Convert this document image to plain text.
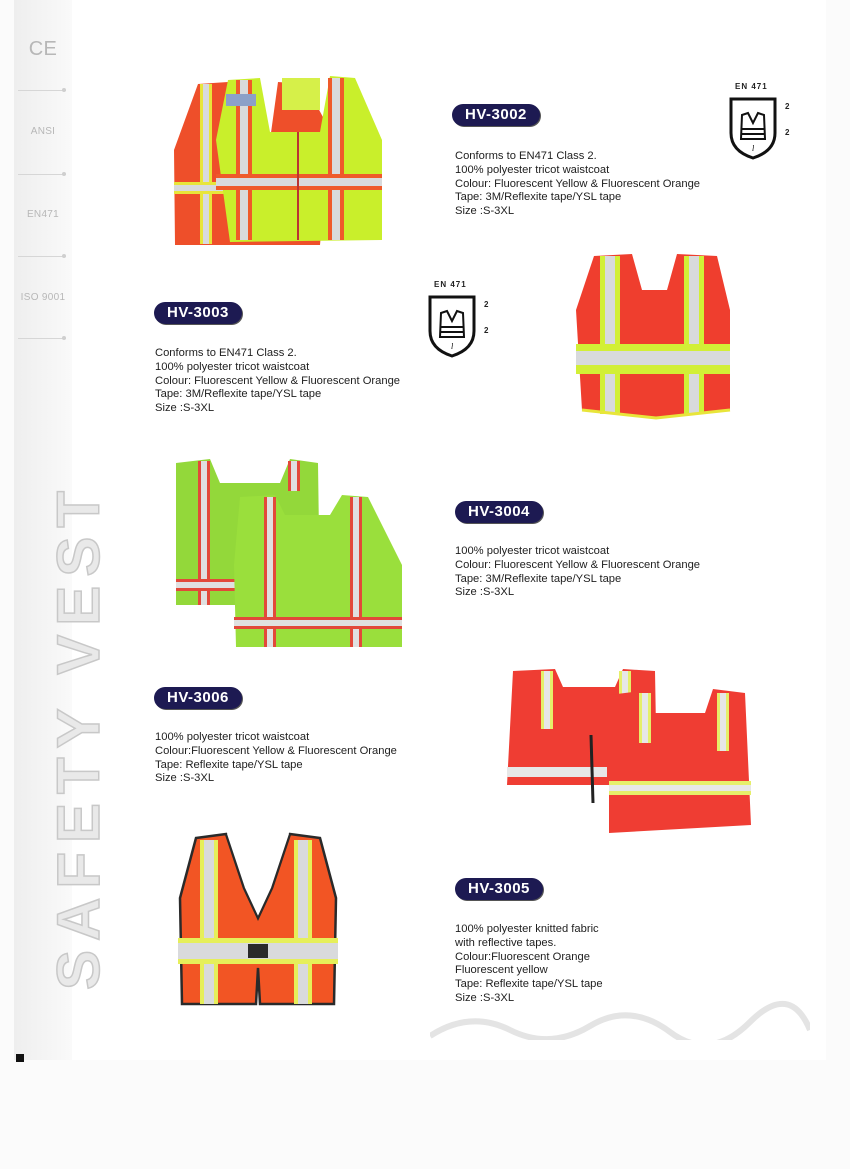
CE
ANSI
EN471
ISO 9001
SAFETY VEST
HV-3002
Conforms to EN471 Class 2.
100% polyester tricot waistcoat
Colour: Fluorescent Yellow & Fluorescent Orange
Tape: 3M/Reflexite tape/YSL tape
Size :S-3XL
EN 471
l
2
2
HV-3003
Conforms to EN471 Class 2.
100% polyester tricot waistcoat
Colour: Fluorescent Yellow & Fluorescent Orange
Tape: 3M/Reflexite tape/YSL tape
Size :S-3XL
EN 471
l
2
2
HV-3004
100% polyester tricot waistcoat
Colour: Fluorescent Yellow & Fluorescent Orange
Tape: 3M/Reflexite tape/YSL tape
Size :S-3XL
HV-3006
100% polyester tricot waistcoat
Colour:Fluorescent Yellow & Fluorescent Orange
Tape: Reflexite tape/YSL tape
Size :S-3XL
HV-3005
100% polyester knitted fabric
with reflective tapes.
Colour:Fluorescent Orange
Fluorescent yellow
Tape: Reflexite tape/YSL tape
Size :S-3XL
